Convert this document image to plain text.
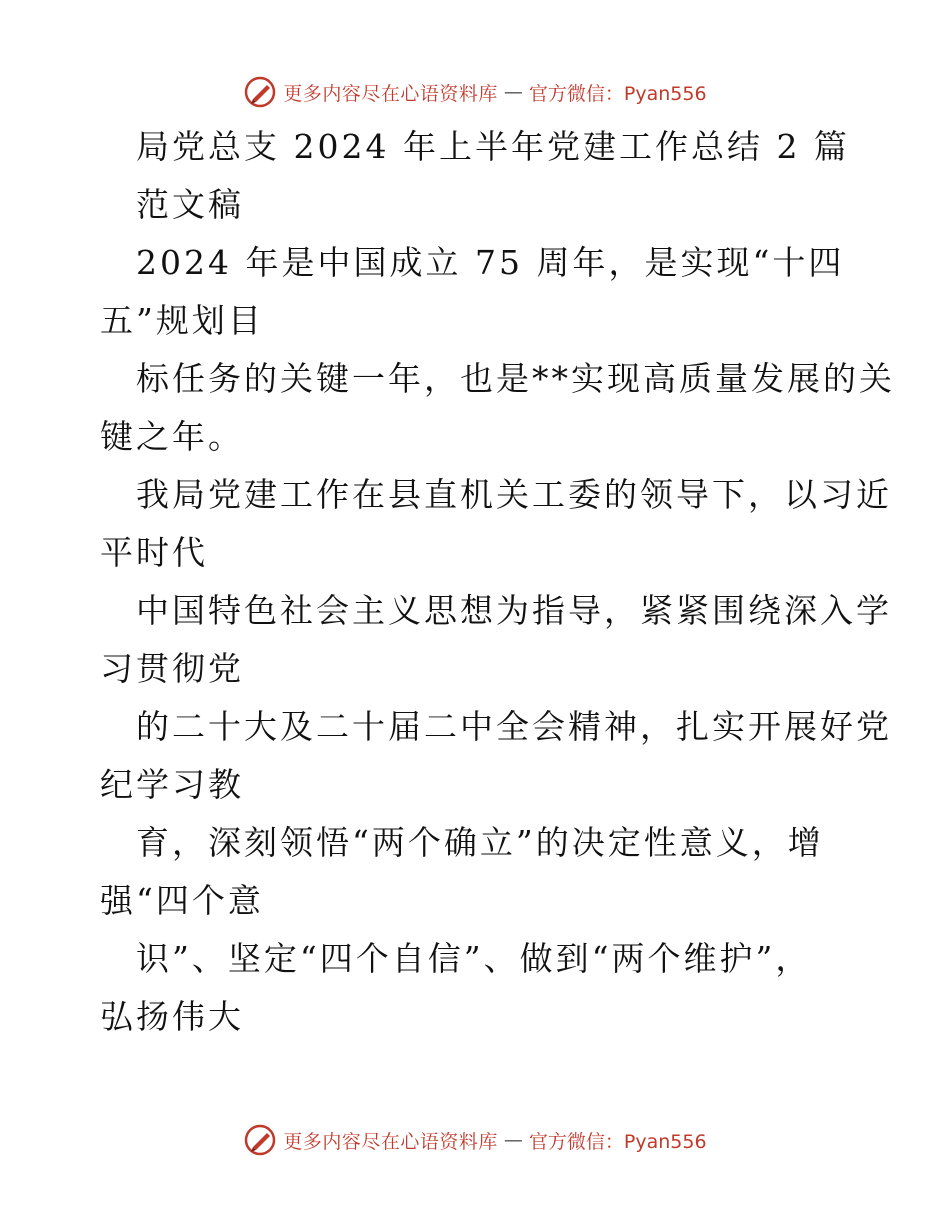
更多内容尽在心语资料库 — 官方微信：Pyan556
局党总支 2024 年上半年党建工作总结 2 篇
范文稿
2024 年是中国成立 75 周年，是实现“十四
五”规划目
标任务的关键一年，也是**实现高质量发展的关
键之年。
我局党建工作在县直机关工委的领导下，以习近
平时代
中国特色社会主义思想为指导，紧紧围绕深入学
习贯彻党
的二十大及二十届二中全会精神，扎实开展好党
纪学习教
育，深刻领悟“两个确立”的决定性意义，增
强“四个意
识”、坚定“四个自信”、做到“两个维护”，
弘扬伟大
更多内容尽在心语资料库 — 官方微信：Pyan556
